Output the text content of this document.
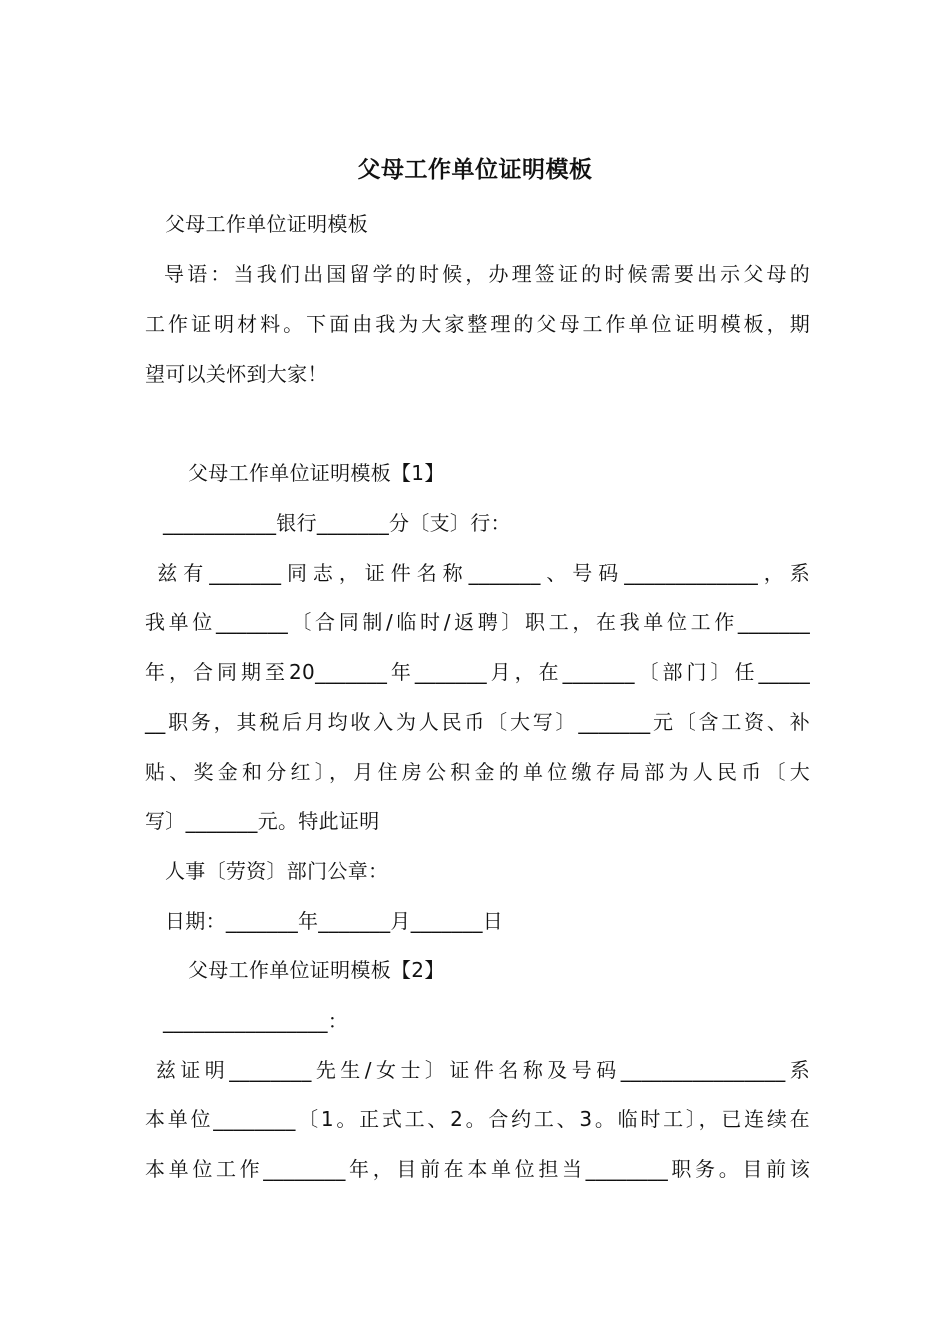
父母工作单位证明模板
父母工作单位证明模板
导语：当我们出国留学的时候，办理签证的时候需要出示父母的
工作证明材料。下面由我为大家整理的父母工作单位证明模板，期
望可以关怀到大家！
父母工作单位证明模板【1】
___________银行_______分〔支〕行：
兹有_______同志，证件名称_______、号码_____________，系
我单位_______〔合同制/临时/返聘〕职工，在我单位工作_______
年，合同期至20_______年_______月，在_______〔部门〕任_____
__职务，其税后月均收入为人民币〔大写〕_______元〔含工资、补
贴、奖金和分红〕，月住房公积金的单位缴存局部为人民币〔大
写〕_______元。特此证明
人事〔劳资〕部门公章：
日期：_______年_______月_______日
父母工作单位证明模板【2】
________________：
兹证明________先生/女士〕证件名称及号码________________系
本单位________〔1。正式工、2。合约工、3。临时工〕，已连续在
本单位工作________年，目前在本单位担当________职务。目前该
